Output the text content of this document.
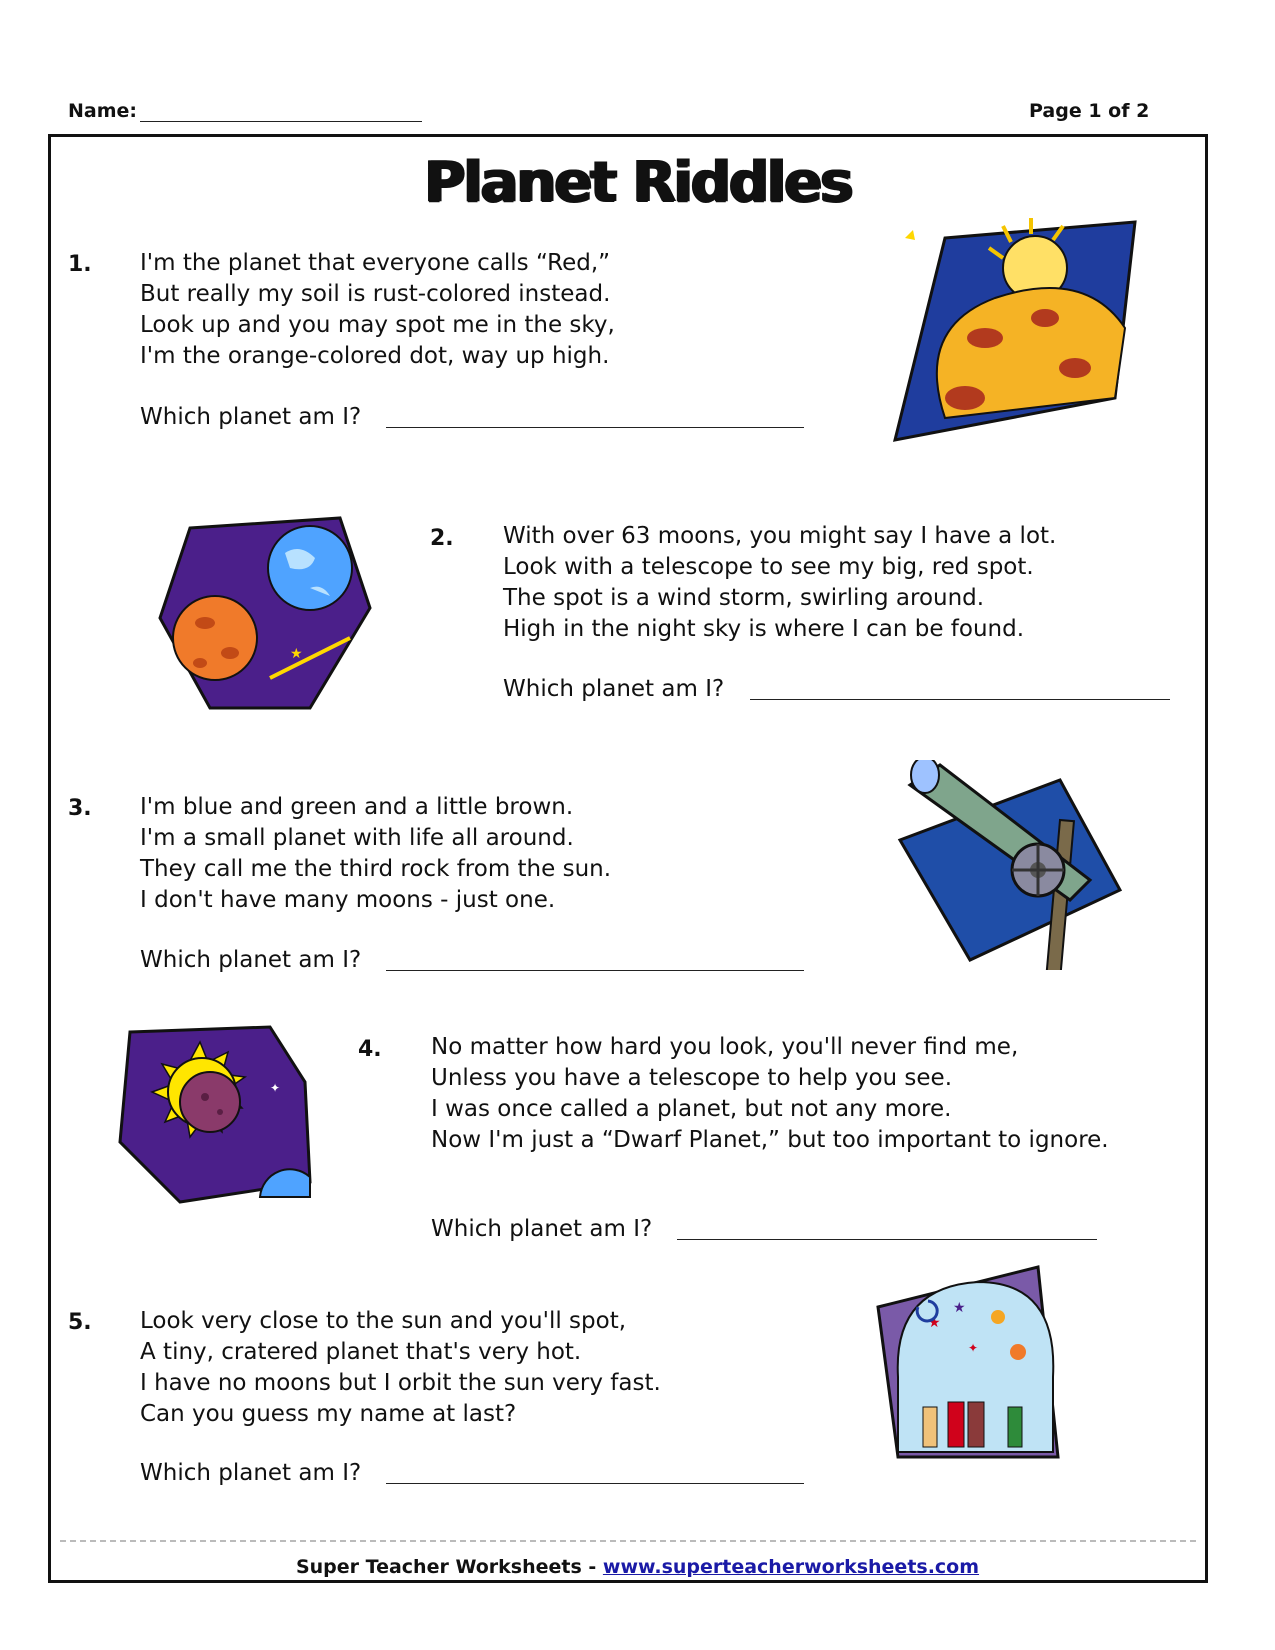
Name:	Page 1 of 2
Planet Riddles
1. I'm the planet that everyone calls “Red,”
But really my soil is rust-colored instead.
Look up and you may spot me in the sky,
I'm the orange-colored dot, way up high.
Which planet am I?
2. With over 63 moons, you might say I have a lot.
Look with a telescope to see my big, red spot.
The spot is a wind storm, swirling around.
High in the night sky is where I can be found.
Which planet am I?
3. I'm blue and green and a little brown.
I'm a small planet with life all around.
They call me the third rock from the sun.
I don't have many moons - just one.
Which planet am I?
4. No matter how hard you look, you'll never find me,
Unless you have a telescope to help you see.
I was once called a planet, but not any more.
Now I'm just a “Dwarf Planet,” but too important to ignore.
Which planet am I?
5. Look very close to the sun and you'll spot,
A tiny, cratered planet that's very hot.
I have no moons but I orbit the sun very fast.
Can you guess my name at last?
Which planet am I?
★
✦
★
★
✦
Super Teacher Worksheets - www.superteacherworksheets.com
